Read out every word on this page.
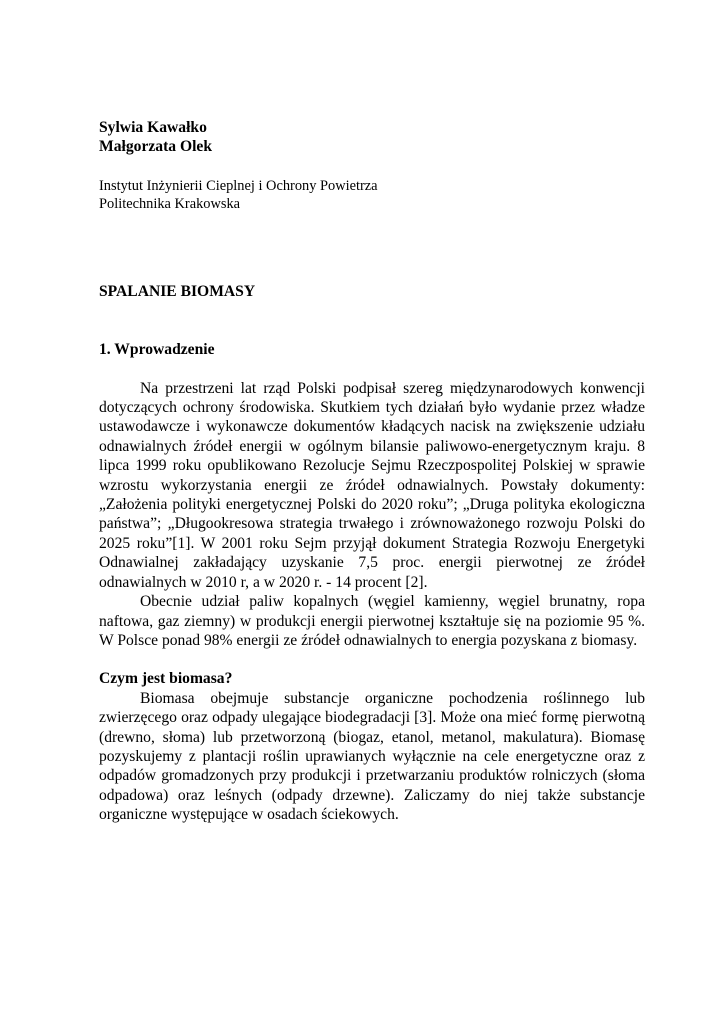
Sylwia Kawałko
Małgorzata Olek
Instytut Inżynierii Cieplnej i Ochrony Powietrza
Politechnika Krakowska
SPALANIE BIOMASY
1. Wprowadzenie

Na przestrzeni lat rząd Polski podpisał szereg międzynarodowych konwencji dotyczących ochrony środowiska. Skutkiem tych działań było wydanie przez władze ustawodawcze i wykonawcze dokumentów kładących nacisk na zwiększenie udziału odnawialnych źródeł energii w ogólnym bilansie paliwowo-energetycznym kraju. 8 lipca 1999 roku opublikowano Rezolucje Sejmu Rzeczpospolitej Polskiej w sprawie wzrostu wykorzystania energii ze źródeł odnawialnych. Powstały dokumenty: „Założenia polityki energetycznej Polski do 2020 roku”; „Druga polityka ekologiczna państwa”; „Długookresowa strategia trwałego i zrównoważonego rozwoju Polski do 2025 roku”[1]. W 2001 roku Sejm przyjął dokument Strategia Rozwoju Energetyki Odnawialnej zakładający uzyskanie 7,5 proc. energii pierwotnej ze źródeł odnawialnych w 2010 r, a w 2020 r. - 14 procent [2].

Obecnie udział paliw kopalnych (węgiel kamienny, węgiel brunatny, ropa naftowa, gaz ziemny) w produkcji energii pierwotnej kształtuje się na poziomie 95 %. W Polsce ponad 98% energii ze źródeł odnawialnych to energia pozyskana z biomasy.

Czym jest biomasa?

Biomasa obejmuje substancje organiczne pochodzenia roślinnego lub zwierzęcego oraz odpady ulegające biodegradacji [3]. Może ona mieć formę pierwotną (drewno, słoma) lub przetworzoną (biogaz, etanol, metanol, makulatura). Biomasę pozyskujemy z plantacji roślin uprawianych wyłącznie na cele energetyczne oraz z odpadów gromadzonych przy produkcji i przetwarzaniu produktów rolniczych (słoma odpadowa) oraz leśnych (odpady drzewne). Zaliczamy do niej także substancje organiczne występujące w osadach ściekowych.
